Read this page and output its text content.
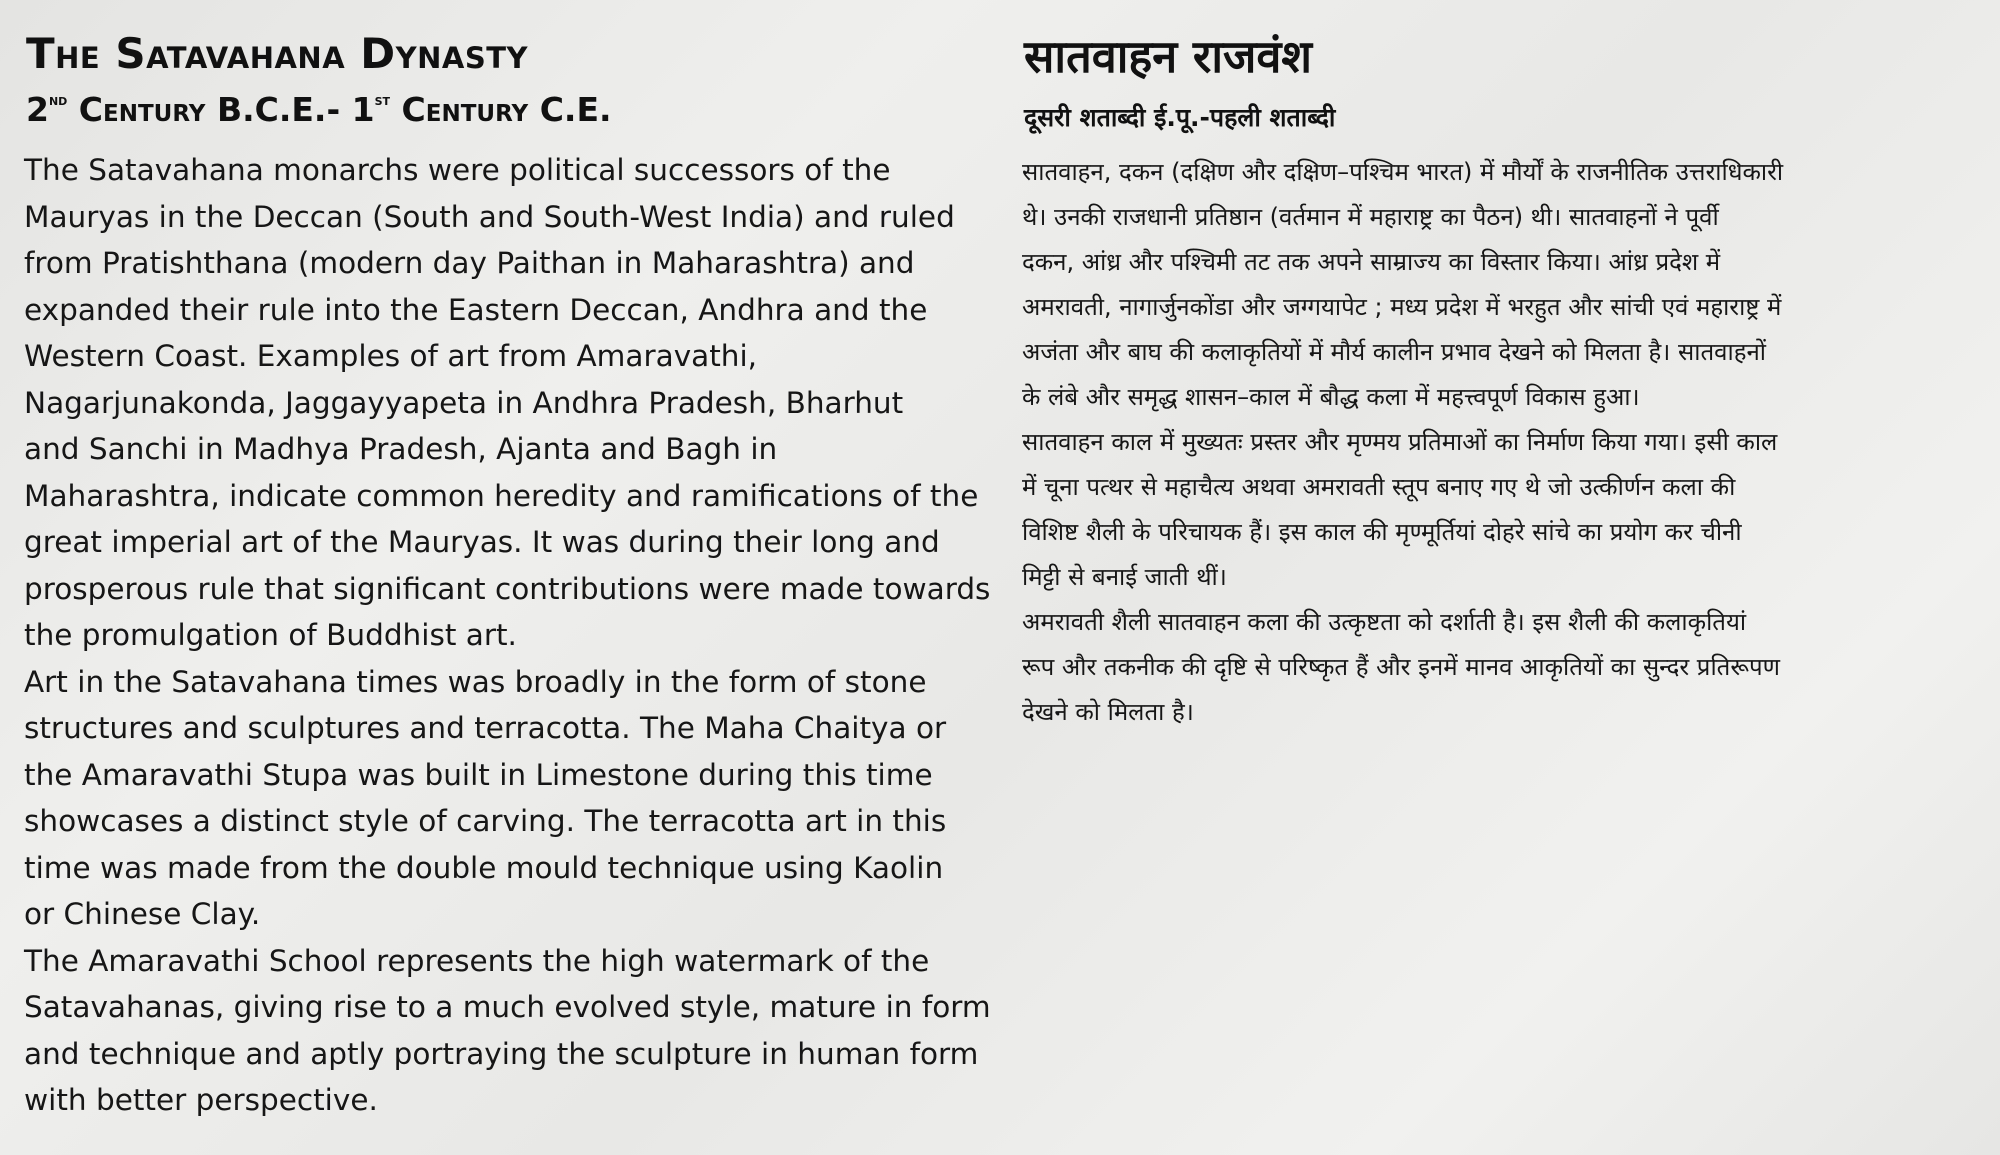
The Satavahana Dynasty
2nd Century B.C.E.- 1st Century C.E.
The Satavahana monarchs were political successors of the
Mauryas in the Deccan (South and South-West India) and ruled
from Pratishthana (modern day Paithan in Maharashtra) and
expanded their rule into the Eastern Deccan, Andhra and the
Western Coast. Examples of art from Amaravathi,
Nagarjunakonda, Jaggayyapeta in Andhra Pradesh, Bharhut
and Sanchi in Madhya Pradesh, Ajanta and Bagh in
Maharashtra, indicate common heredity and ramifications of the
great imperial art of the Mauryas. It was during their long and
prosperous rule that significant contributions were made towards
the promulgation of Buddhist art.
Art in the Satavahana times was broadly in the form of stone
structures and sculptures and terracotta. The Maha Chaitya or
the Amaravathi Stupa was built in Limestone during this time
showcases a distinct style of carving. The terracotta art in this
time was made from the double mould technique using Kaolin
or Chinese Clay.
The Amaravathi School represents the high watermark of the
Satavahanas, giving rise to a much evolved style, mature in form
and technique and aptly portraying the sculpture in human form
with better perspective.
सातवाहन राजवंश
दूसरी शताब्दी ई.पू.-पहली शताब्दी
सातवाहन, दकन (दक्षिण और दक्षिण–पश्चिम भारत) में मौर्यों के राजनीतिक उत्तराधिकारी
थे। उनकी राजधानी प्रतिष्ठान (वर्तमान में महाराष्ट्र का पैठन) थी। सातवाहनों ने पूर्वी
दकन, आंध्र और पश्चिमी तट तक अपने साम्राज्य का विस्तार किया। आंध्र प्रदेश में
अमरावती, नागार्जुनकोंडा और जग्गयापेट ; मध्य प्रदेश में भरहुत और सांची एवं महाराष्ट्र में
अजंता और बाघ की कलाकृतियों में मौर्य कालीन प्रभाव देखने को मिलता है। सातवाहनों
के लंबे और समृद्ध शासन–काल में बौद्ध कला में महत्त्वपूर्ण विकास हुआ।
सातवाहन काल में मुख्यतः प्रस्तर और मृण्मय प्रतिमाओं का निर्माण किया गया। इसी काल
में चूना पत्थर से महाचैत्य अथवा अमरावती स्तूप बनाए गए थे जो उत्कीर्णन कला की
विशिष्ट शैली के परिचायक हैं। इस काल की मृण्मूर्तियां दोहरे सांचे का प्रयोग कर चीनी
मिट्टी से बनाई जाती थीं।
अमरावती शैली सातवाहन कला की उत्कृष्टता को दर्शाती है। इस शैली की कलाकृतियां
रूप और तकनीक की दृष्टि से परिष्कृत हैं और इनमें मानव आकृतियों का सुन्दर प्रतिरूपण
देखने को मिलता है।
